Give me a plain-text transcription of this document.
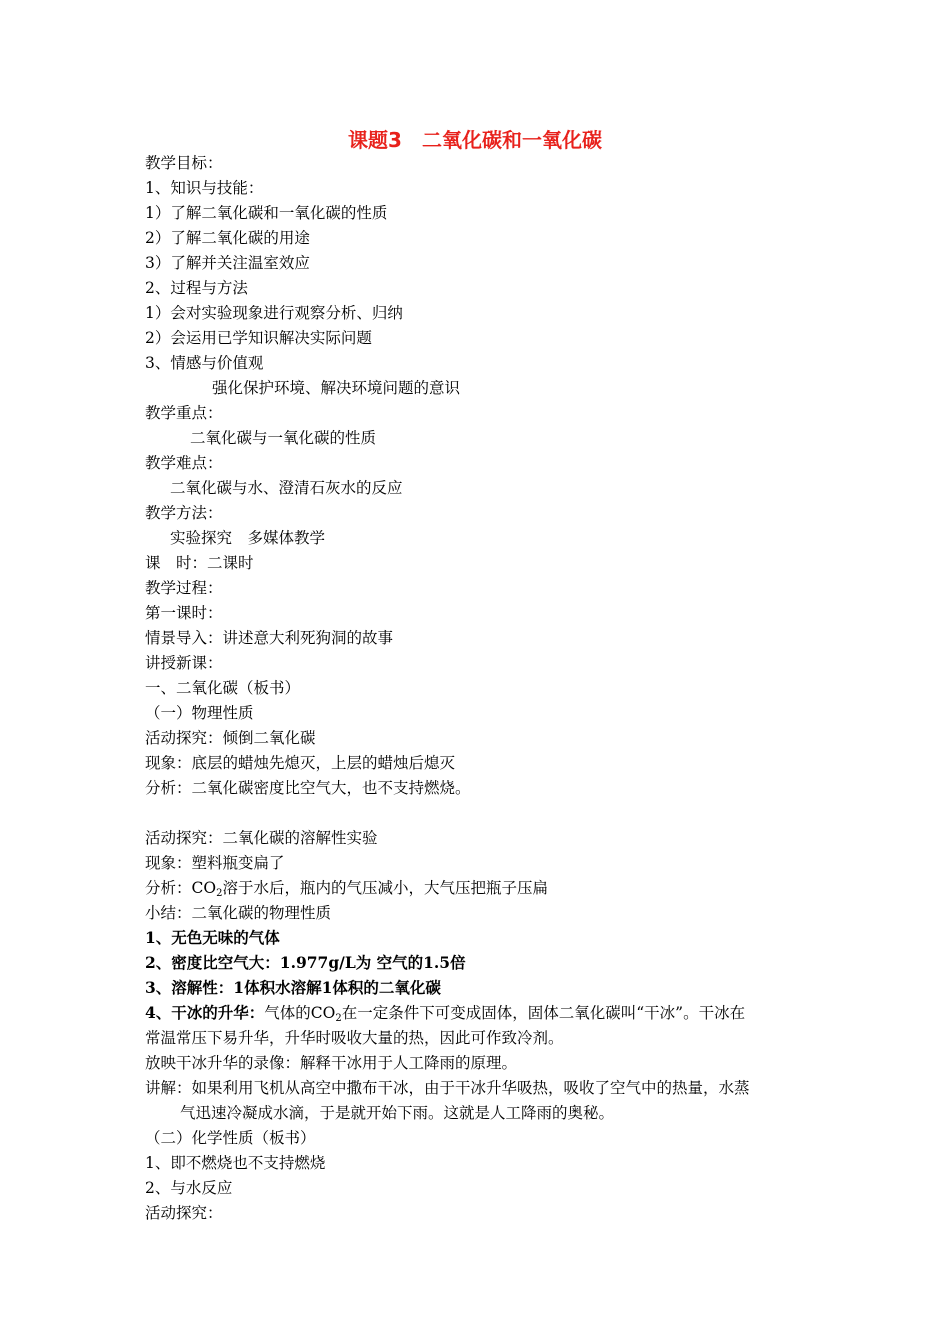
课题3　二氧化碳和一氧化碳
教学目标：
1、知识与技能：
1）了解二氧化碳和一氧化碳的性质
2）了解二氧化碳的用途
3）了解并关注温室效应
2、过程与方法
1）会对实验现象进行观察分析、归纳
2）会运用已学知识解决实际问题
3、情感与价值观
强化保护环境、解决环境问题的意识
教学重点：
二氧化碳与一氧化碳的性质
教学难点：
二氧化碳与水、澄清石灰水的反应
教学方法：
实验探究　多媒体教学
课　时：二课时
教学过程：
第一课时：
情景导入：讲述意大利死狗洞的故事
讲授新课：
一、二氧化碳（板书）
（一）物理性质
活动探究：倾倒二氧化碳
现象：底层的蜡烛先熄灭，上层的蜡烛后熄灭
分析：二氧化碳密度比空气大，也不支持燃烧。
活动探究：二氧化碳的溶解性实验
现象：塑料瓶变扁了
分析：$CO_2$溶于水后，瓶内的气压减小，大气压把瓶子压扁
小结：二氧化碳的物理性质
1、无色无味的气体
2、密度比空气大：1.977g/L为 空气的1.5倍
3、溶解性：1体积水溶解1体积的二氧化碳
4、干冰的升华：气体的$CO_2$在一定条件下可变成固体，固体二氧化碳叫“干冰”。干冰在
常温常压下易升华，升华时吸收大量的热，因此可作致冷剂。
放映干冰升华的录像：解释干冰用于人工降雨的原理。
讲解：如果利用飞机从高空中撒布干冰，由于干冰升华吸热，吸收了空气中的热量，水蒸
气迅速冷凝成水滴，于是就开始下雨。这就是人工降雨的奥秘。
（二）化学性质（板书）
1、即不燃烧也不支持燃烧
2、与水反应
活动探究：
